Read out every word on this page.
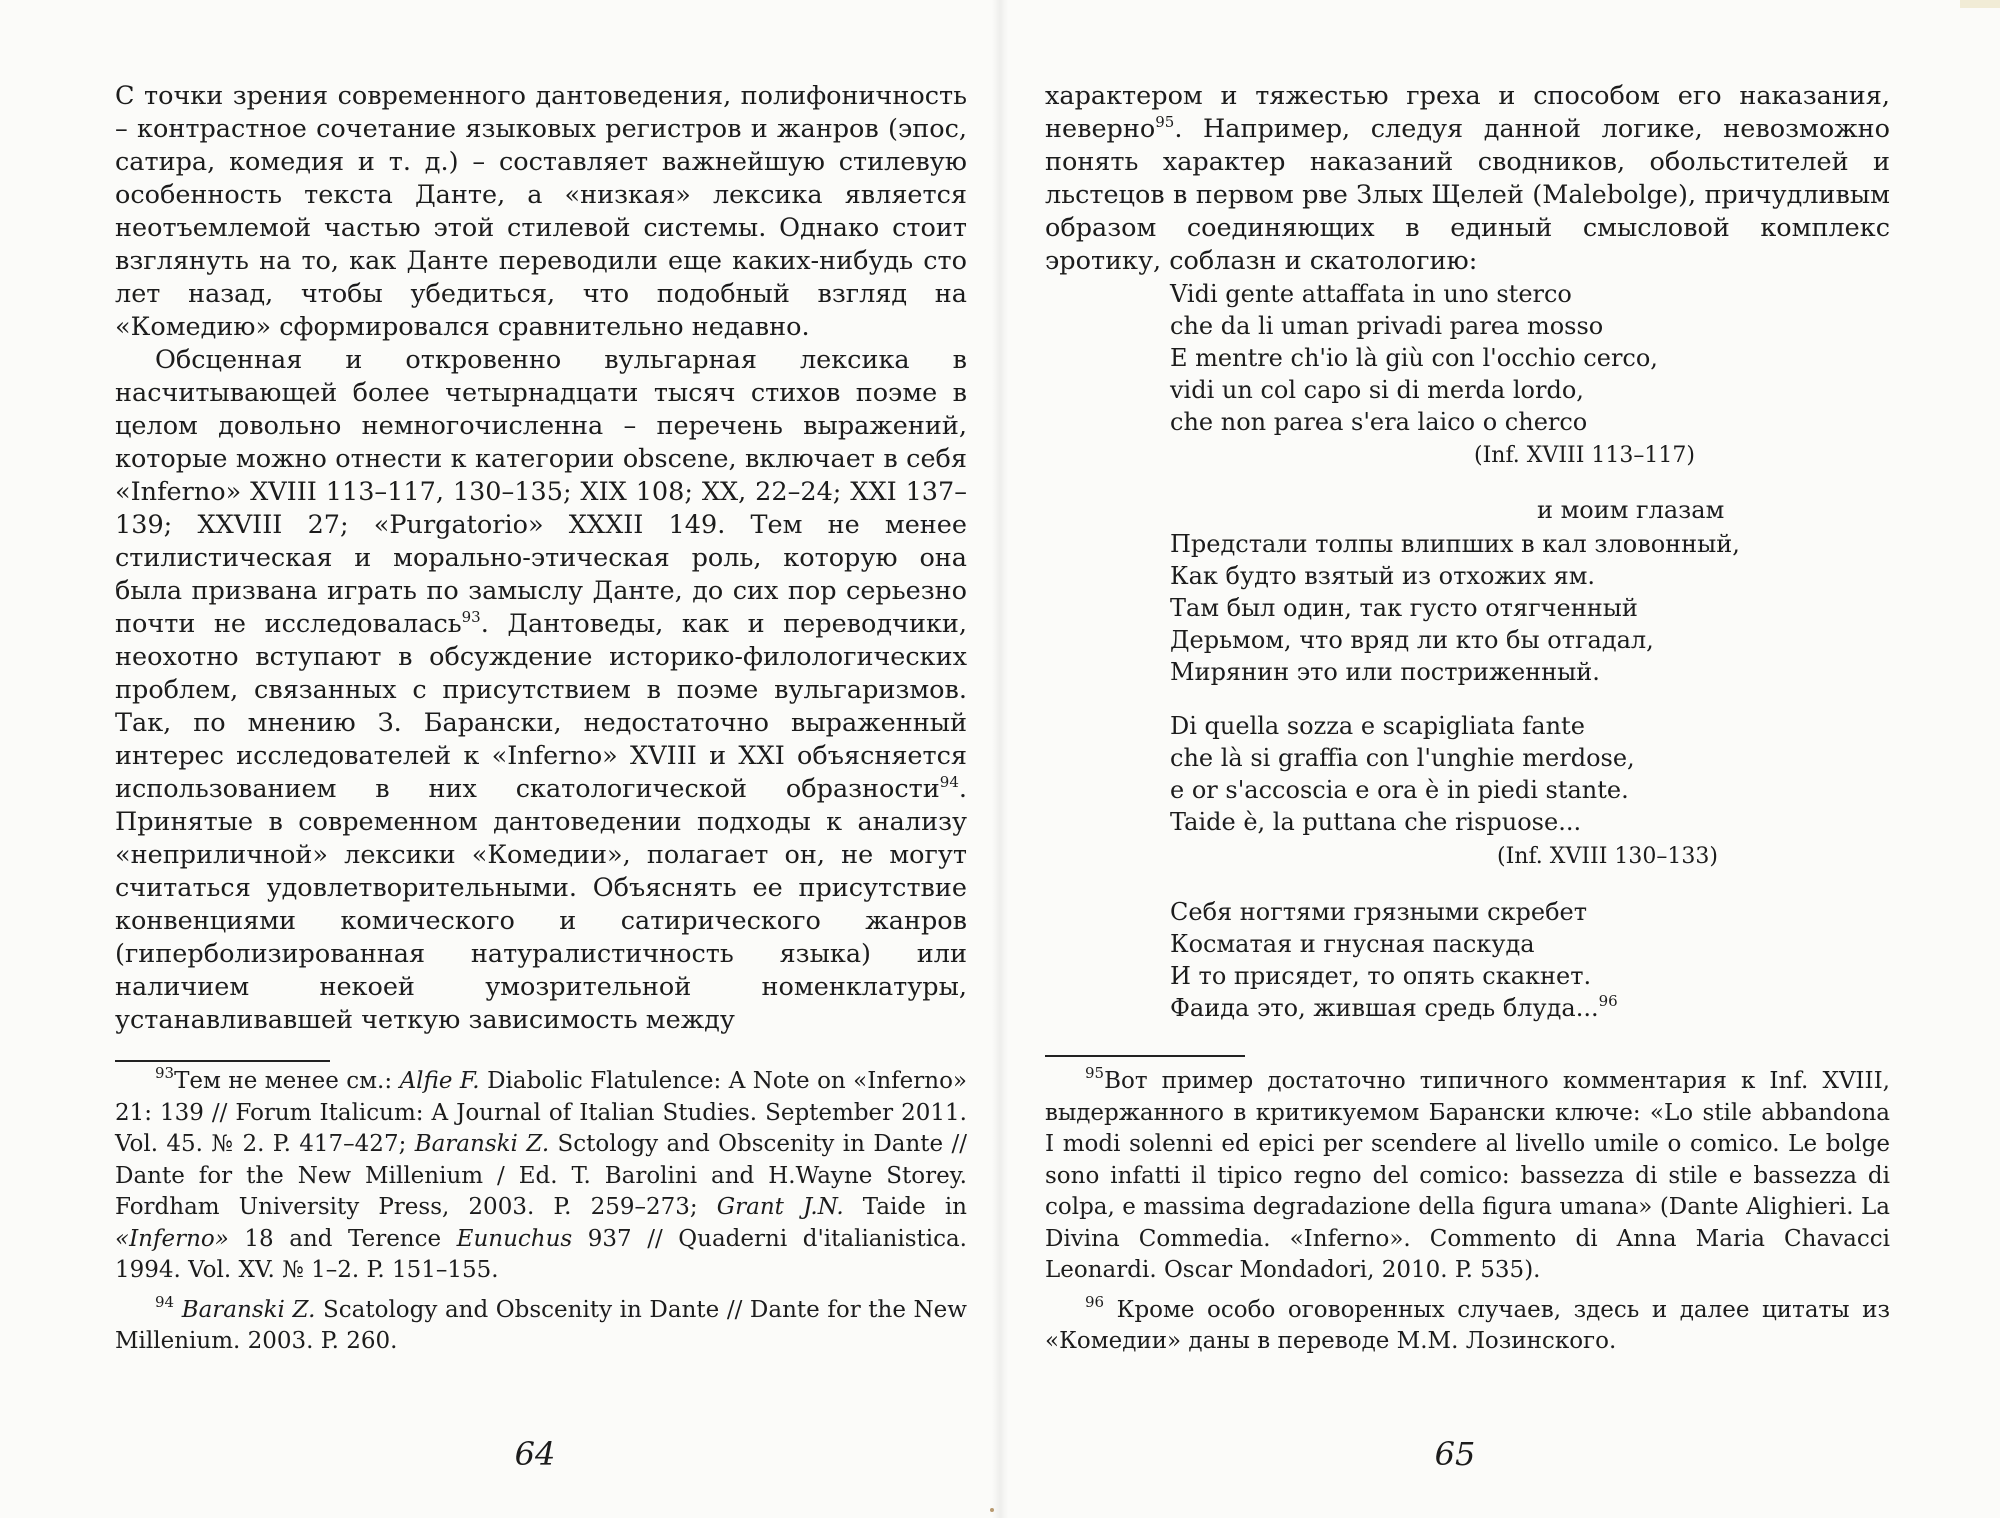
С точки зрения современного дантоведения, полифоничность – контрастное сочетание языковых регистров и жанров (эпос, сатира, комедия и т. д.) – составляет важнейшую стилевую особенность текста Данте, а «низкая» лексика является неотъемлемой частью этой стилевой системы. Однако стоит взглянуть на то, как Данте переводили еще каких-нибудь сто лет назад, чтобы убедиться, что подобный взгляд на «Комедию» сформировался сравнительно недавно.

Обсценная и откровенно вульгарная лексика в насчитывающей более четырнадцати тысяч стихов поэме в целом довольно немногочисленна – перечень выражений, которые можно отнести к категории obscene, включает в себя «Inferno» XVIII 113–117, 130–135; XIX 108; XX, 22–24; XXI 137–139; XXVIII 27; «Purgatorio» XXXII 149. Тем не менее стилистическая и морально-этическая роль, которую она была призвана играть по замыслу Данте, до сих пор серьезно почти не исследовалась$^{93}$. Дантоведы, как и переводчики, неохотно вступают в обсуждение историко-филологических проблем, связанных с присутствием в поэме вульгаризмов. Так, по мнению З. Барански, недостаточно выраженный интерес исследователей к «Inferno» XVIII и XXI объясняется использованием в них скатологической образности$^{94}$. Принятые в современном дантоведении подходы к анализу «неприличной» лексики «Комедии», полагает он, не могут считаться удовлетворительными. Объяснять ее присутствие конвенциями комического и сатирического жанров (гиперболизированная натуралистичность языка) или наличием некоей умозрительной номенклатуры, устанавливавшей четкую зависимость между

$^{93}$Тем не менее см.: Alfie F. Diabolic Flatulence: A Note on «Inferno» 21: 139 // Forum Italicum: A Journal of Italian Studies. September 2011. Vol. 45. № 2. P. 417–427; Baranski Z. Sctology and Obscenity in Dante // Dante for the New Millenium / Ed. T. Barolini and H.Wayne Storey. Fordham University Press, 2003. P. 259–273; Grant J.N. Taide in «Inferno» 18 and Terence Eunuchus 937 // Quaderni d'italianistica. 1994. Vol. XV. № 1–2. P. 151–155.

$^{94}$ Baranski Z. Scatology and Obscenity in Dante // Dante for the New Millenium. 2003. P. 260.

64

характером и тяжестью греха и способом его наказания, неверно$^{95}$. Например, следуя данной логике, невозможно понять характер наказаний сводников, обольстителей и льстецов в первом рве Злых Щелей (Malebolge), причудливым образом соединяющих в единый смысловой комплекс эротику, соблазн и скатологию:

Vidi gente attaffata in uno sterco
che da li uman privadi parea mosso
E mentre ch'io là giù con l'occhio cerco,
vidi un col capo si di merda lordo,
che non parea s'era laico o cherco
(Inf. XVIII 113–117)
и моим глазам
Предстали толпы влипших в кал зловонный,
Как будто взятый из отхожих ям.
Там был один, так густо отягченный
Дерьмом, что вряд ли кто бы отгадал,
Мирянин это или постриженный.
Di quella sozza e scapigliata fante
che là si graffia con l'unghie merdose,
e or s'accoscia e ora è in piedi stante.
Taide è, la puttana che rispuose...
(Inf. XVIII 130–133)
Себя ногтями грязными скребет
Косматая и гнусная паскуда
И то присядет, то опять скакнет.
Фаида это, жившая средь блуда...$^{96}$

$^{95}$Вот пример достаточно типичного комментария к Inf. XVIII, выдержанного в критикуемом Барански ключе: «Lo stile abbandona I modi solenni ed epici per scendere al livello umile o comico. Le bolge sono infatti il tipico regno del comico: bassezza di stile e bassezza di colpa, e massima degradazione della figura umana» (Dante Alighieri. La Divina Commedia. «Inferno». Commento di Anna Maria Chavacci Leonardi. Oscar Mondadori, 2010. P. 535).

$^{96}$ Кроме особо оговоренных случаев, здесь и далее цитаты из «Комедии» даны в переводе М.М. Лозинского.

65
